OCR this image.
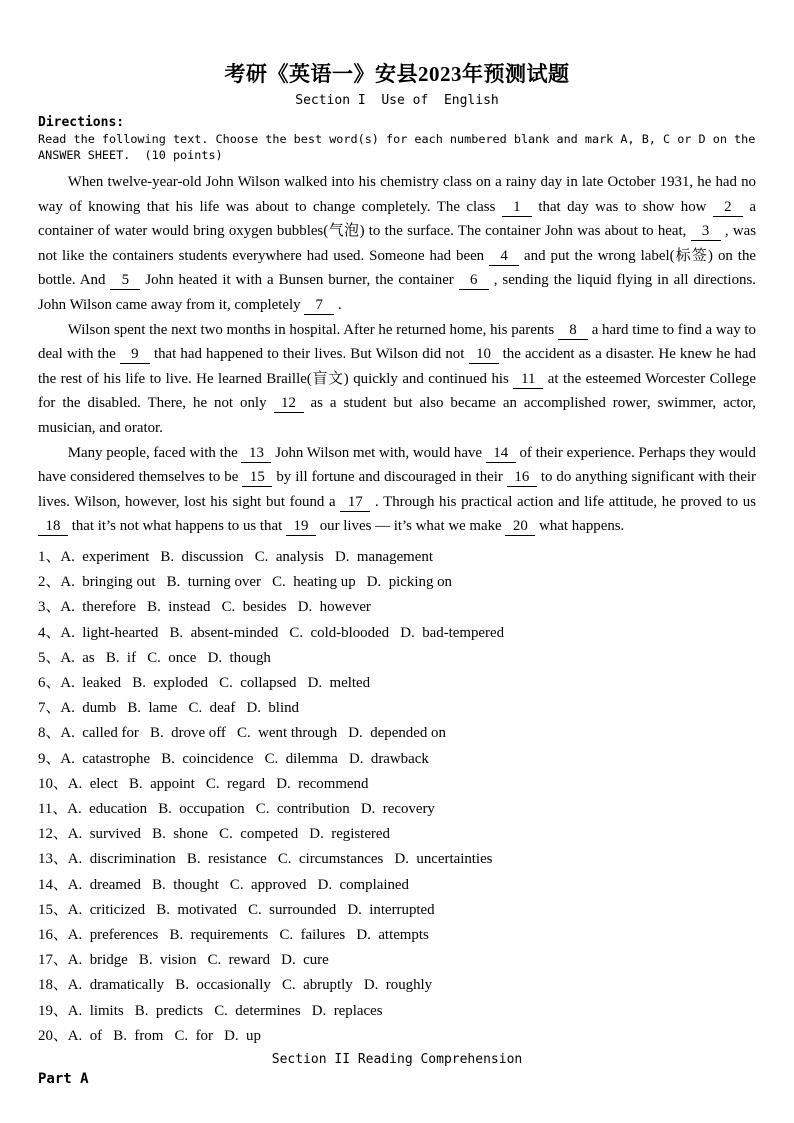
考研《英语一》安县2023年预测试题
Section I  Use of  English
Directions:
Read the following text. Choose the best word(s) for each numbered blank and mark A, B, C or D on the ANSWER SHEET.  (10 points)

When twelve-year-old John Wilson walked into his chemistry class on a rainy day in late October 1931, he had no way of knowing that his life was about to change completely. The class 1 that day was to show how 2 a container of water would bring oxygen bubbles(气泡) to the surface. The container John was about to heat, 3 , was not like the containers students everywhere had used. Someone had been 4 and put the wrong label(标签) on the bottle. And 5 John heated it with a Bunsen burner, the container 6 , sending the liquid flying in all directions. John Wilson came away from it, completely 7 .

Wilson spent the next two months in hospital. After he returned home, his parents 8 a hard time to find a way to deal with the 9 that had happened to their lives. But Wilson did not 10 the accident as a disaster. He knew he had the rest of his life to live. He learned Braille(盲文) quickly and continued his 11 at the esteemed Worcester College for the disabled. There, he not only 12 as a student but also became an accomplished rower, swimmer, actor, musician, and orator.

Many people, faced with the 13 John Wilson met with, would have 14 of their experience. Perhaps they would have considered themselves to be 15 by ill fortune and discouraged in their 16 to do anything significant with their lives. Wilson, however, lost his sight but found a 17 . Through his practical action and life attitude, he proved to us 18 that it’s not what happens to us that 19 our lives — it’s what we make 20 what happens.

1、A.  experiment   B.  discussion   C.  analysis   D.  management
2、A.  bringing out   B.  turning over   C.  heating up   D.  picking on
3、A.  therefore   B.  instead   C.  besides   D.  however
4、A.  light-hearted   B.  absent-minded   C.  cold-blooded   D.  bad-tempered
5、A.  as   B.  if   C.  once   D.  though
6、A.  leaked   B.  exploded   C.  collapsed   D.  melted
7、A.  dumb   B.  lame   C.  deaf   D.  blind
8、A.  called for   B.  drove off   C.  went through   D.  depended on
9、A.  catastrophe   B.  coincidence   C.  dilemma   D.  drawback
10、A.  elect   B.  appoint   C.  regard   D.  recommend
11、A.  education   B.  occupation   C.  contribution   D.  recovery
12、A.  survived   B.  shone   C.  competed   D.  registered
13、A.  discrimination   B.  resistance   C.  circumstances   D.  uncertainties
14、A.  dreamed   B.  thought   C.  approved   D.  complained
15、A.  criticized   B.  motivated   C.  surrounded   D.  interrupted
16、A.  preferences   B.  requirements   C.  failures   D.  attempts
17、A.  bridge   B.  vision   C.  reward   D.  cure
18、A.  dramatically   B.  occasionally   C.  abruptly   D.  roughly
19、A.  limits   B.  predicts   C.  determines   D.  replaces
20、A.  of   B.  from   C.  for   D.  up
Section II Reading Comprehension
Part A
